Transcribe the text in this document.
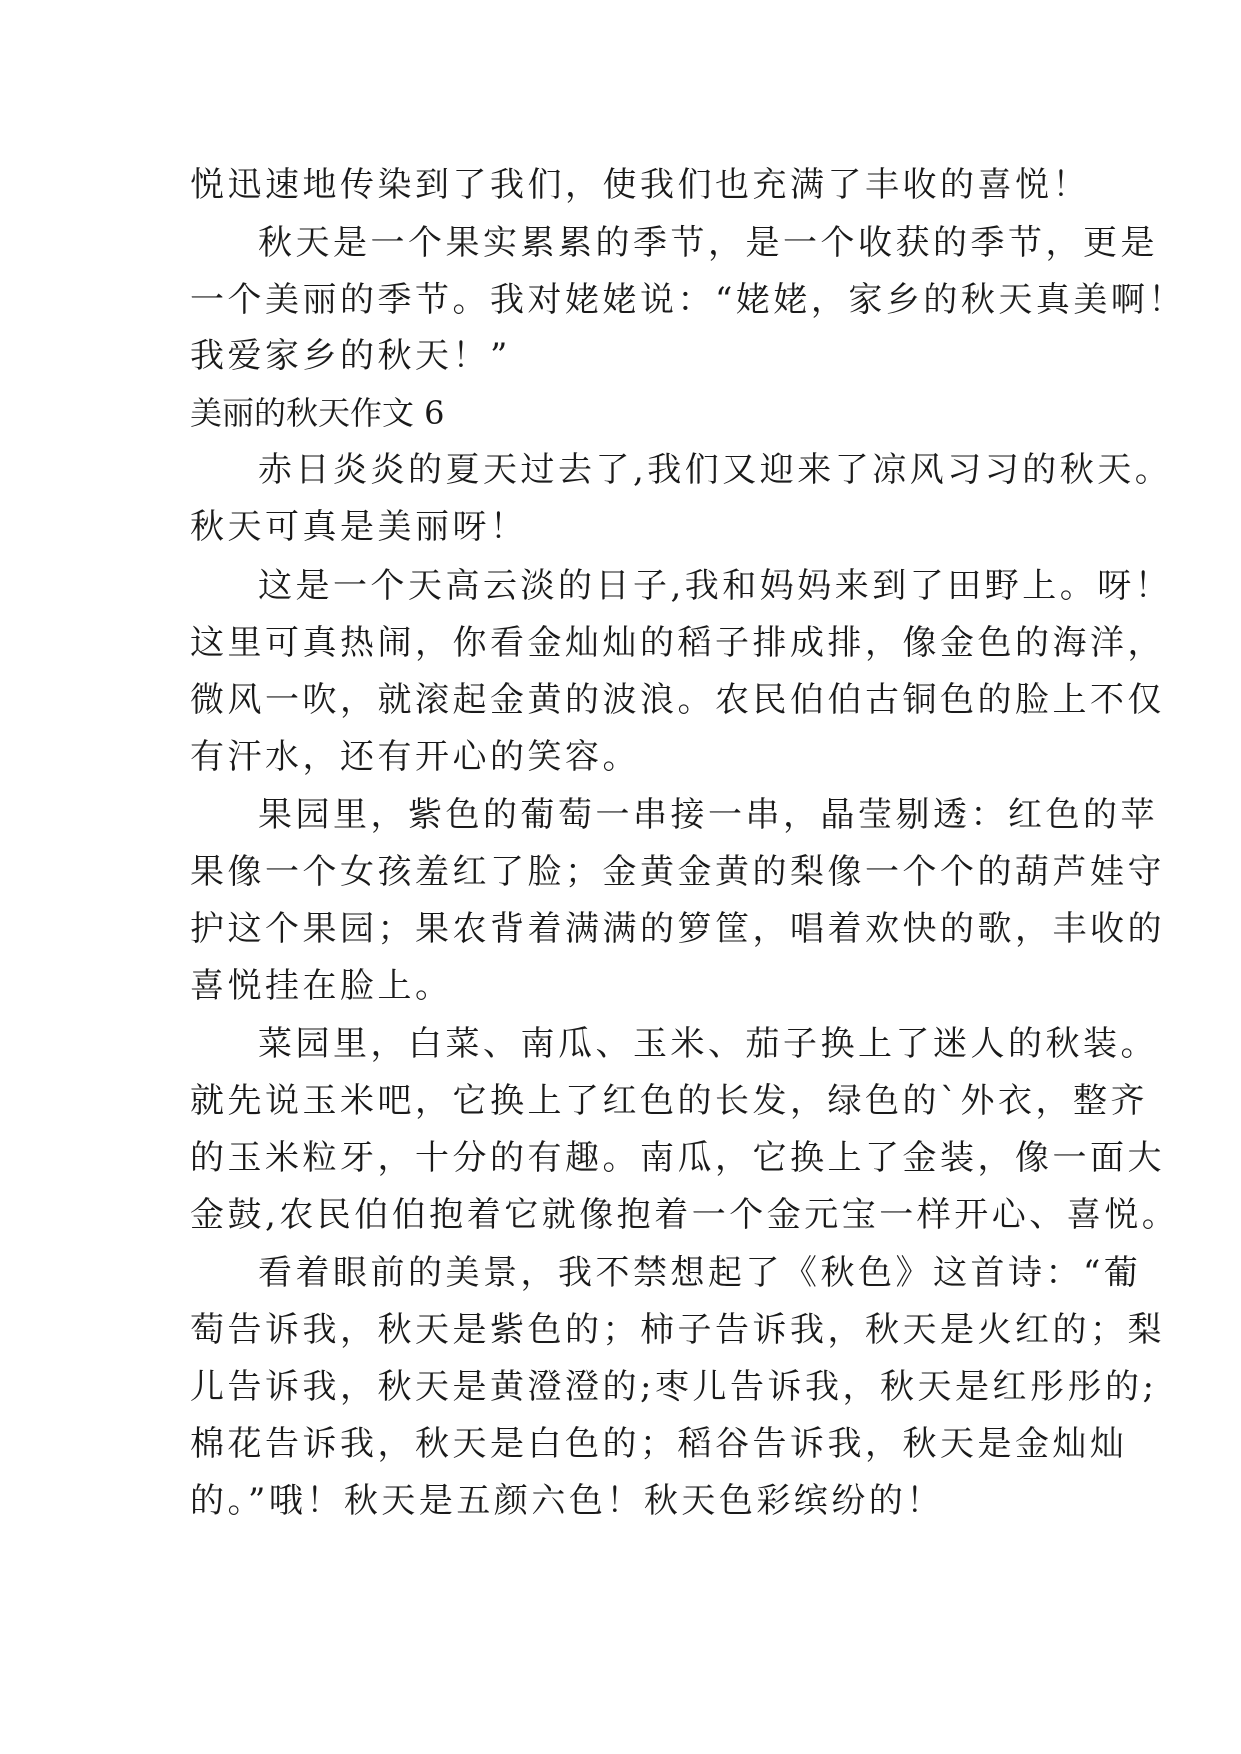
悦迅速地传染到了我们，使我们也充满了丰收的喜悦！
秋天是一个果实累累的季节，是一个收获的季节，更是
一个美丽的季节。我对姥姥说：“姥姥，家乡的秋天真美啊！
我爱家乡的秋天！”
美丽的秋天作文 6
赤日炎炎的夏天过去了,我们又迎来了凉风习习的秋天。
秋天可真是美丽呀！
这是一个天高云淡的日子,我和妈妈来到了田野上。呀！
这里可真热闹，你看金灿灿的稻子排成排，像金色的海洋，
微风一吹，就滚起金黄的波浪。农民伯伯古铜色的脸上不仅
有汗水，还有开心的笑容。
果园里，紫色的葡萄一串接一串，晶莹剔透：红色的苹
果像一个女孩羞红了脸；金黄金黄的梨像一个个的葫芦娃守
护这个果园；果农背着满满的箩筐，唱着欢快的歌，丰收的
喜悦挂在脸上。
菜园里，白菜、南瓜、玉米、茄子换上了迷人的秋装。
就先说玉米吧，它换上了红色的长发，绿色的`外衣，整齐
的玉米粒牙，十分的有趣。南瓜，它换上了金装，像一面大
金鼓,农民伯伯抱着它就像抱着一个金元宝一样开心、喜悦。
看着眼前的美景，我不禁想起了《秋色》这首诗：“葡
萄告诉我，秋天是紫色的；柿子告诉我，秋天是火红的；梨
儿告诉我，秋天是黄澄澄的;枣儿告诉我，秋天是红彤彤的;
棉花告诉我，秋天是白色的；稻谷告诉我，秋天是金灿灿
的。”哦！秋天是五颜六色！秋天色彩缤纷的！
